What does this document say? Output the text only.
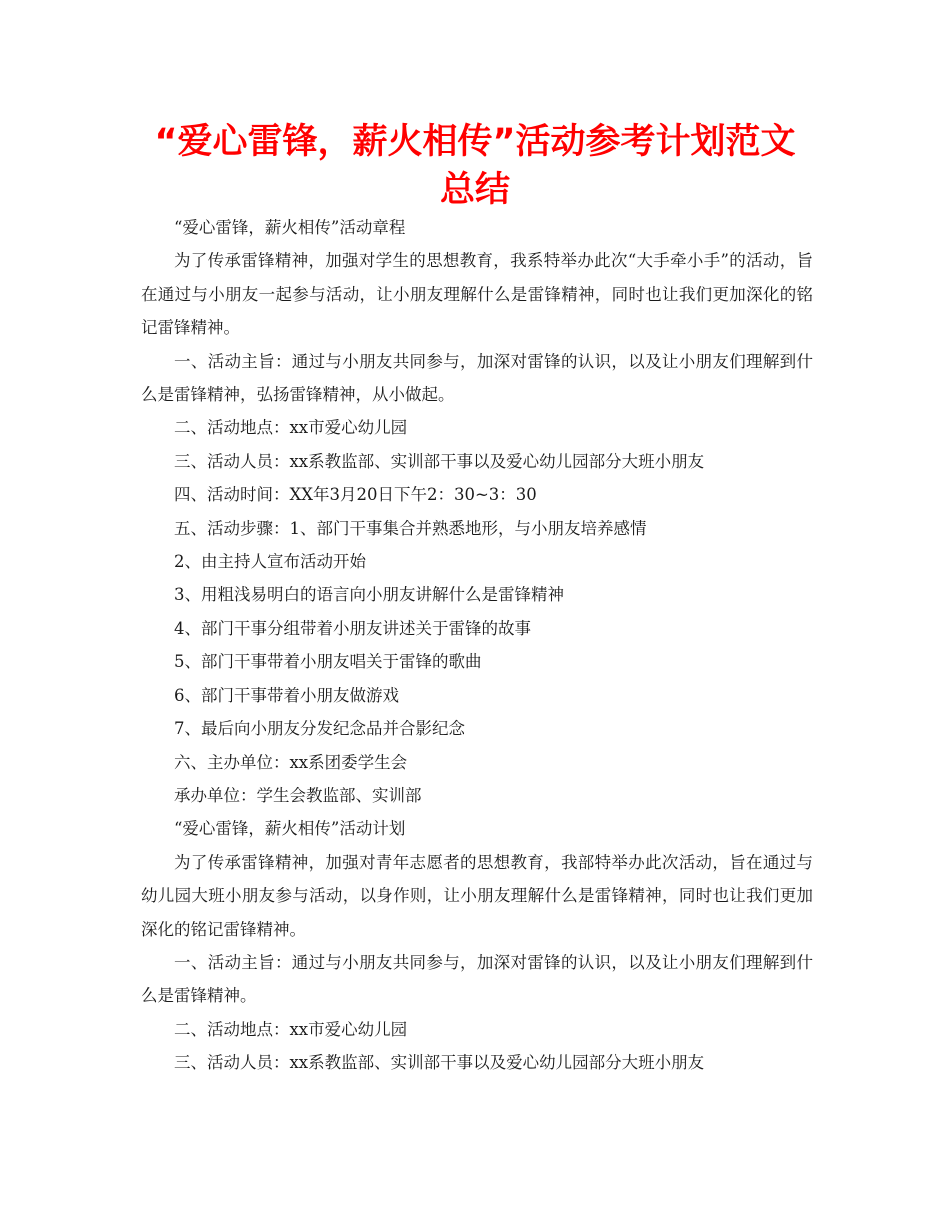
“爱心雷锋，薪火相传”活动参考计划范文总结

“爱心雷锋，薪火相传”活动章程

为了传承雷锋精神，加强对学生的思想教育，我系特举办此次“大手牵小手”的活动，旨在通过与小朋友一起参与活动，让小朋友理解什么是雷锋精神，同时也让我们更加深化的铭记雷锋精神。

一、活动主旨：通过与小朋友共同参与，加深对雷锋的认识，以及让小朋友们理解到什么是雷锋精神，弘扬雷锋精神，从小做起。

二、活动地点：xx市爱心幼儿园

三、活动人员：xx系教监部、实训部干事以及爱心幼儿园部分大班小朋友

四、活动时间：XX年3月20日下午2：30~3：30

五、活动步骤：1、部门干事集合并熟悉地形，与小朋友培养感情

2、由主持人宣布活动开始

3、用粗浅易明白的语言向小朋友讲解什么是雷锋精神

4、部门干事分组带着小朋友讲述关于雷锋的故事

5、部门干事带着小朋友唱关于雷锋的歌曲

6、部门干事带着小朋友做游戏

7、最后向小朋友分发纪念品并合影纪念

六、主办单位：xx系团委学生会

承办单位：学生会教监部、实训部

“爱心雷锋，薪火相传”活动计划

为了传承雷锋精神，加强对青年志愿者的思想教育，我部特举办此次活动，旨在通过与幼儿园大班小朋友参与活动，以身作则，让小朋友理解什么是雷锋精神，同时也让我们更加深化的铭记雷锋精神。

一、活动主旨：通过与小朋友共同参与，加深对雷锋的认识，以及让小朋友们理解到什么是雷锋精神。

二、活动地点：xx市爱心幼儿园

三、活动人员：xx系教监部、实训部干事以及爱心幼儿园部分大班小朋友
